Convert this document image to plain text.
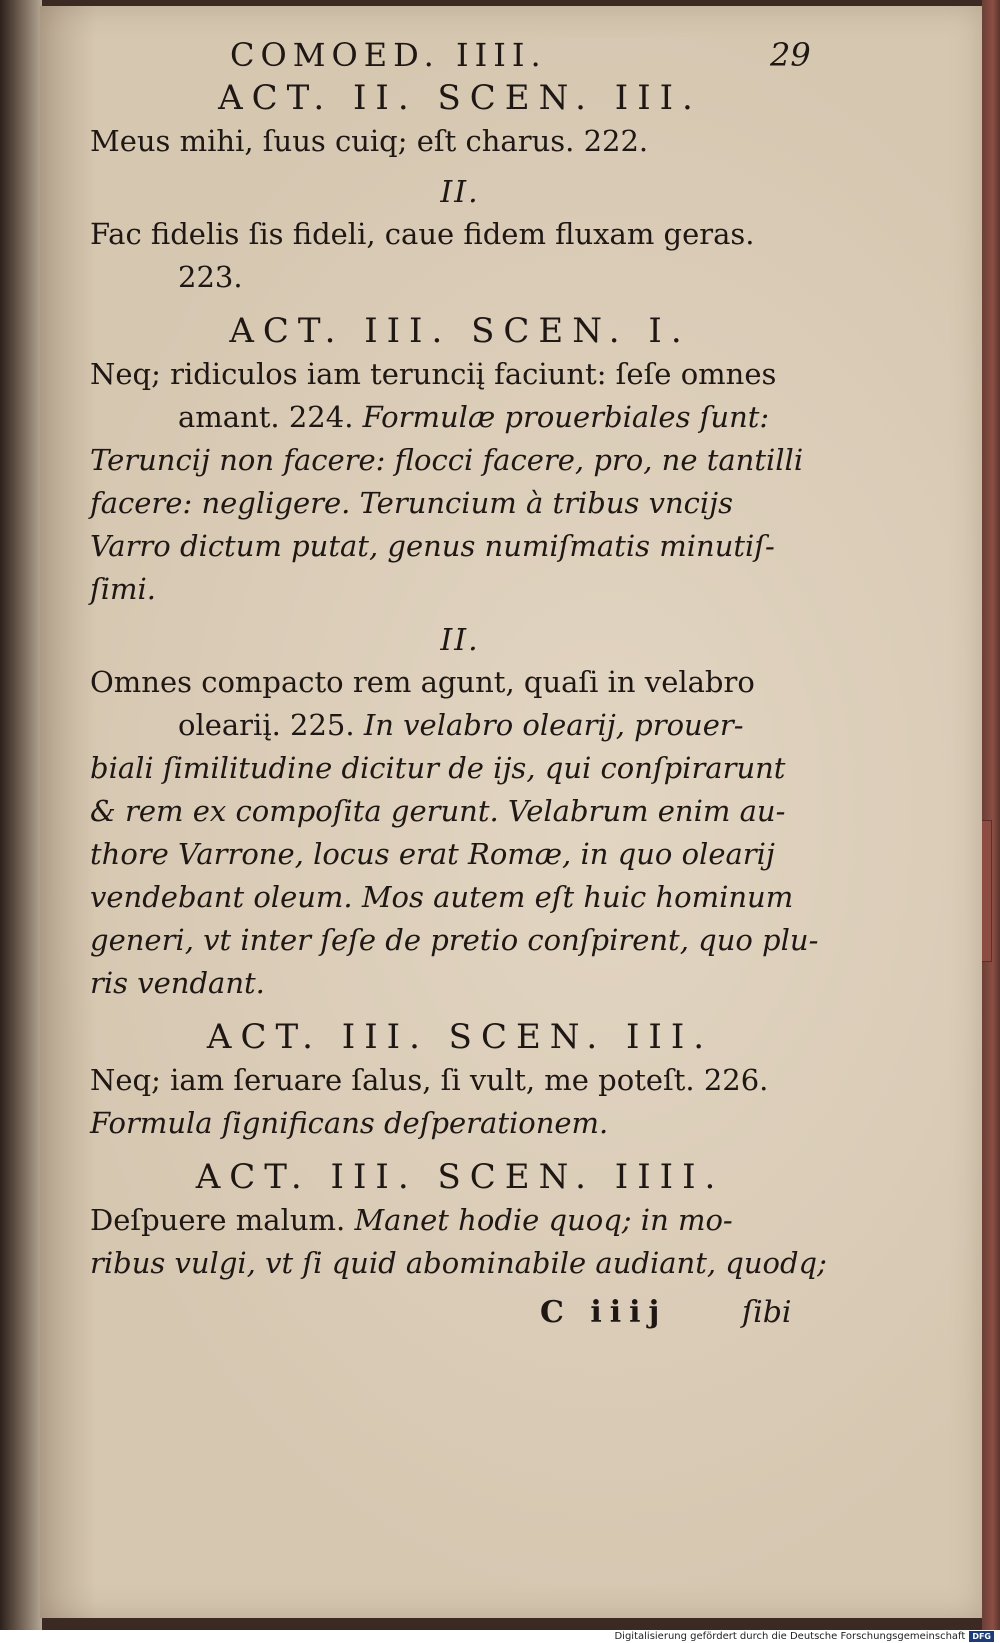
COMOED. IIII.	29
ACT. II. SCEN. III.
Meus mihi, ſuus cuiq; eſt charus. 222.
II.
Fac fidelis ſis fideli, caue fidem fluxam geras.
223.
ACT. III. SCEN. I.
Neq; ridiculos iam terunciį faciunt: ſeſe omnes
amant. 224. Formulæ prouerbiales ſunt:
Teruncij non facere: flocci facere, pro, ne tantilli
facere: negligere. Teruncium à tribus vncijs
Varro dictum putat, genus numiſmatis minutiſ-
ſimi.
II.
Omnes compacto rem agunt, quaſi in velabro
oleariį. 225. In velabro olearij, prouer-
biali ſimilitudine dicitur de ijs, qui conſpirarunt
& rem ex compoſita gerunt. Velabrum enim au-
thore Varrone, locus erat Romæ, in quo olearij
vendebant oleum. Mos autem eſt huic hominum
generi, vt inter ſeſe de pretio conſpirent, quo plu-
ris vendant.
ACT. III. SCEN. III.
Neq; iam ſeruare ſalus, ſi vult, me poteſt. 226.
Formula ſignificans deſperationem.
ACT. III. SCEN. IIII.
Deſpuere malum. Manet hodie quoq; in mo-
ribus vulgi, vt ſi quid abominabile audiant, quodq;
C iiij ſibi
Digitalisierung gefördert durch die Deutsche Forschungsgemeinschaft DFG
